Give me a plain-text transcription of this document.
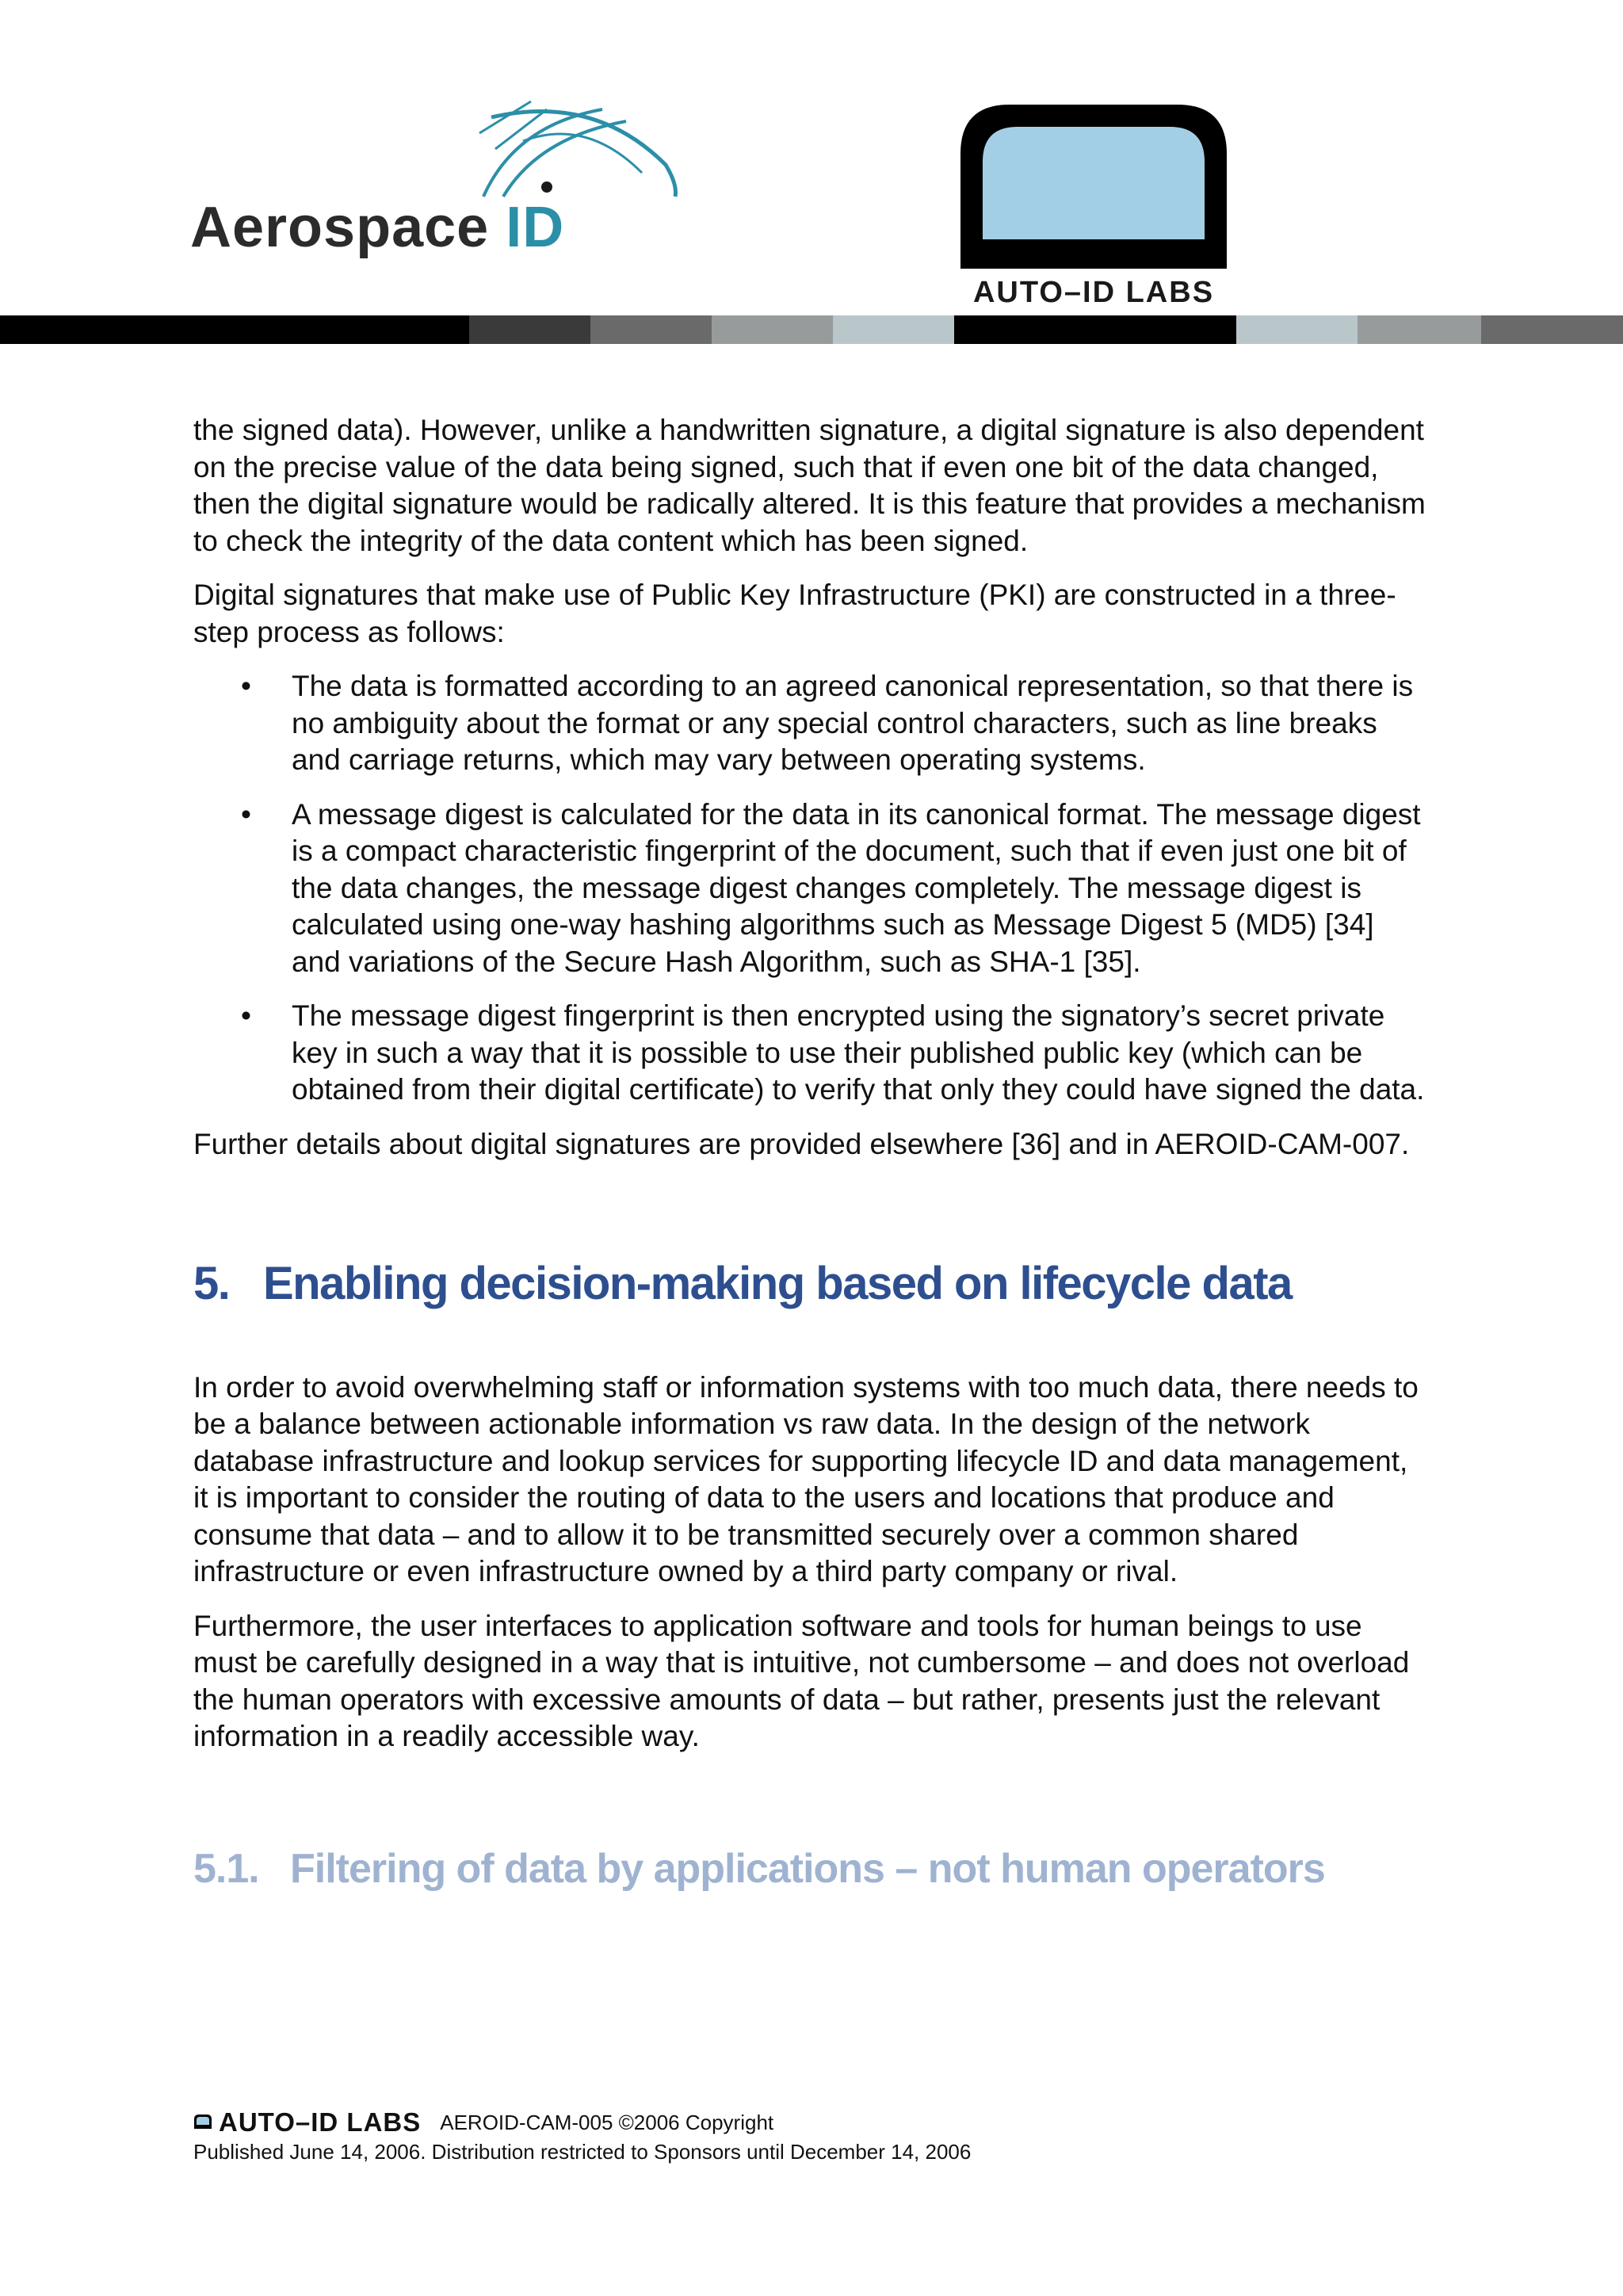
Aerospace ID
AUTO–ID LABS

the signed data). However, unlike a handwritten signature, a digital signature is also dependent on the precise value of the data being signed, such that if even one bit of the data changed, then the digital signature would be radically altered. It is this feature that provides a mechanism to check the integrity of the data content which has been signed.

Digital signatures that make use of Public Key Infrastructure (PKI) are constructed in a three-step process as follows:

• The data is formatted according to an agreed canonical representation, so that there is no ambiguity about the format or any special control characters, such as line breaks and carriage returns, which may vary between operating systems.
• A message digest is calculated for the data in its canonical format. The message digest is a compact characteristic fingerprint of the document, such that if even just one bit of the data changes, the message digest changes completely. The message digest is calculated using one-way hashing algorithms such as Message Digest 5 (MD5) [34] and variations of the Secure Hash Algorithm, such as SHA-1 [35].
• The message digest fingerprint is then encrypted using the signatory’s secret private key in such a way that it is possible to use their published public key (which can be obtained from their digital certificate) to verify that only they could have signed the data.

Further details about digital signatures are provided elsewhere [36] and in AEROID-CAM-007.

5. Enabling decision-making based on lifecycle data

In order to avoid overwhelming staff or information systems with too much data, there needs to be a balance between actionable information vs raw data. In the design of the network database infrastructure and lookup services for supporting lifecycle ID and data management, it is important to consider the routing of data to the users and locations that produce and consume that data – and to allow it to be transmitted securely over a common shared infrastructure or even infrastructure owned by a third party company or rival.

Furthermore, the user interfaces to application software and tools for human beings to use must be carefully designed in a way that is intuitive, not cumbersome – and does not overload the human operators with excessive amounts of data – but rather, presents just the relevant information in a readily accessible way.

5.1. Filtering of data by applications – not human operators
AUTO–ID LABS AEROID-CAM-005 ©2006 Copyright
Published June 14, 2006. Distribution restricted to Sponsors until December 14, 2006
